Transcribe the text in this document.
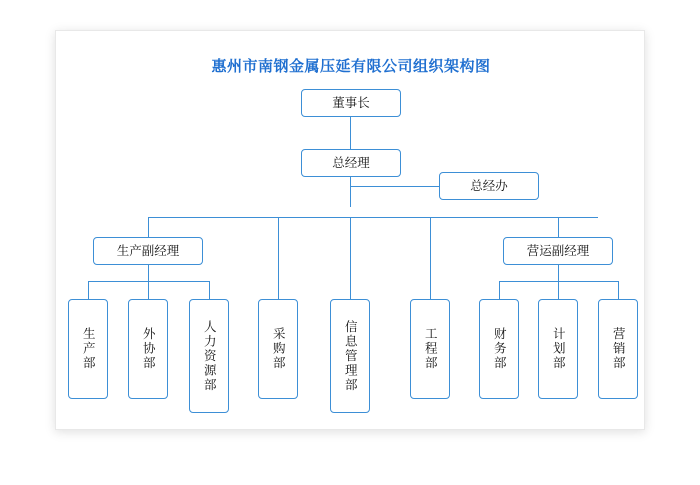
惠州市南钢金属压延有限公司组织架构图
董事长
总经理
总经办
生产副经理	营运副经理
生产部	外协部	人力资源部	采购部	信息管理部	工程部	财务部	计划部	营销部
